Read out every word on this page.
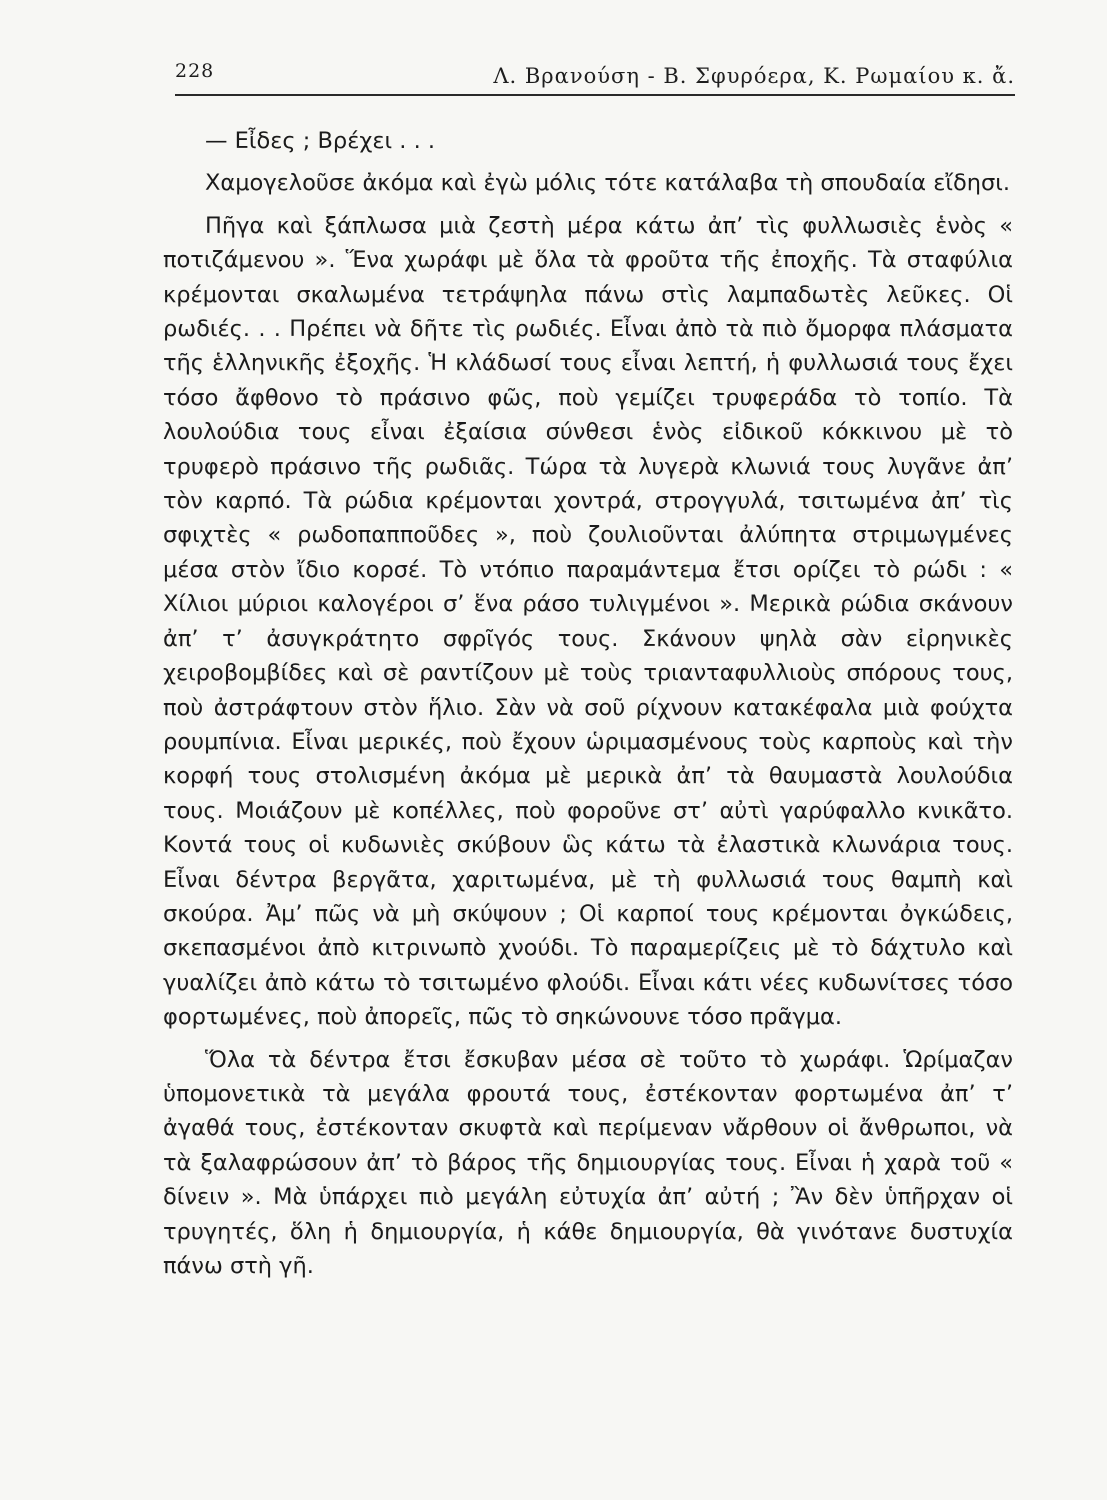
228	Λ. Βρανούση - Β. Σφυρόερα, Κ. Ρωμαίου κ. ἄ.

— Εἶδες ; Βρέχει . . .

Χαμογελοῦσε ἀκόμα καὶ ἐγὼ μόλις τότε κατάλαβα τὴ σπουδαία εἴδησι.

Πῆγα καὶ ξάπλωσα μιὰ ζεστὴ μέρα κάτω ἀπ’ τὶς φυλλωσιὲς ἑνὸς « ποτιζάμενου ». Ἕνα χωράφι μὲ ὅλα τὰ φροῦτα τῆς ἐποχῆς. Τὰ σταφύλια κρέμονται σκαλωμένα τετράψηλα πάνω στὶς λαμπαδωτὲς λεῦκες. Οἱ ρωδιές. . . Πρέπει νὰ δῆτε τὶς ρωδιές. Εἶναι ἀπὸ τὰ πιὸ ὄμορφα πλάσματα τῆς ἑλληνικῆς ἐξοχῆς. Ἡ κλάδωσί τους εἶναι λεπτή, ἡ φυλλωσιά τους ἔχει τόσο ἄφθονο τὸ πράσινο φῶς, ποὺ γεμίζει τρυφεράδα τὸ τοπίο. Τὰ λουλούδια τους εἶναι ἐξαίσια σύνθεσι ἑνὸς εἰδικοῦ κόκκινου μὲ τὸ τρυφερὸ πράσινο τῆς ρωδιᾶς. Τώρα τὰ λυγερὰ κλωνιά τους λυγᾶνε ἀπ’ τὸν καρπό. Τὰ ρώδια κρέμονται χοντρά, στρογγυλά, τσιτωμένα ἀπ’ τὶς σφιχτὲς « ρωδοπαπποῦδες », ποὺ ζουλιοῦνται ἀλύπητα στριμωγμένες μέσα στὸν ἴδιο κορσέ. Τὸ ντόπιο παραμάντεμα ἔτσι ορίζει τὸ ρώδι : « Χίλιοι μύριοι καλογέροι σ’ ἕνα ράσο τυλιγμένοι ». Μερικὰ ρώδια σκάνουν ἀπ’ τ’ ἀσυγκράτητο σφρῖγός τους. Σκάνουν ψηλὰ σὰν εἰρηνικὲς χειροβομβίδες καὶ σὲ ραντίζουν μὲ τοὺς τριανταφυλλιοὺς σπόρους τους, ποὺ ἀστράφτουν στὸν ἥλιο. Σὰν νὰ σοῦ ρίχνουν κατακέφαλα μιὰ φούχτα ρουμπίνια. Εἶναι μερικές, ποὺ ἔχουν ὡριμασμένους τοὺς καρποὺς καὶ τὴν κορφή τους στολισμένη ἀκόμα μὲ μερικὰ ἀπ’ τὰ θαυμαστὰ λουλούδια τους. Μοιάζουν μὲ κοπέλλες, ποὺ φοροῦνε στ’ αὐτὶ γαρύφαλλο κνικᾶτο. Κοντά τους οἱ κυδωνιὲς σκύβουν ὣς κάτω τὰ ἐλαστικὰ κλωνάρια τους. Εἶναι δέντρα βεργᾶτα, χαριτωμένα, μὲ τὴ φυλλωσιά τους θαμπὴ καὶ σκούρα. Ἀμ’ πῶς νὰ μὴ σκύψουν ; Οἱ καρποί τους κρέμονται ὀγκώδεις, σκεπασμένοι ἀπὸ κιτρινωπὸ χνούδι. Τὸ παραμερίζεις μὲ τὸ δάχτυλο καὶ γυαλίζει ἀπὸ κάτω τὸ τσιτωμένο φλούδι. Εἶναι κάτι νέες κυδωνίτσες τόσο φορτωμένες, ποὺ ἀπορεῖς, πῶς τὸ σηκώνουνε τόσο πρᾶγμα.

Ὅλα τὰ δέντρα ἔτσι ἔσκυβαν μέσα σὲ τοῦτο τὸ χωράφι. Ὡρίμαζαν ὑπομονετικὰ τὰ μεγάλα φρουτά τους, ἐστέκονταν φορτωμένα ἀπ’ τ’ ἀγαθά τους, ἐστέκονταν σκυφτὰ καὶ περίμεναν νἄρθουν οἱ ἄνθρωποι, νὰ τὰ ξαλαφρώσουν ἀπ’ τὸ βάρος τῆς δημιουργίας τους. Εἶναι ἡ χαρὰ τοῦ « δίνειν ». Μὰ ὑπάρχει πιὸ μεγάλη εὐτυχία ἀπ’ αὐτή ; Ἂν δὲν ὑπῆρχαν οἱ τρυγητές, ὅλη ἡ δημιουργία, ἡ κάθε δημιουργία, θὰ γινότανε δυστυχία πάνω στὴ γῆ.
